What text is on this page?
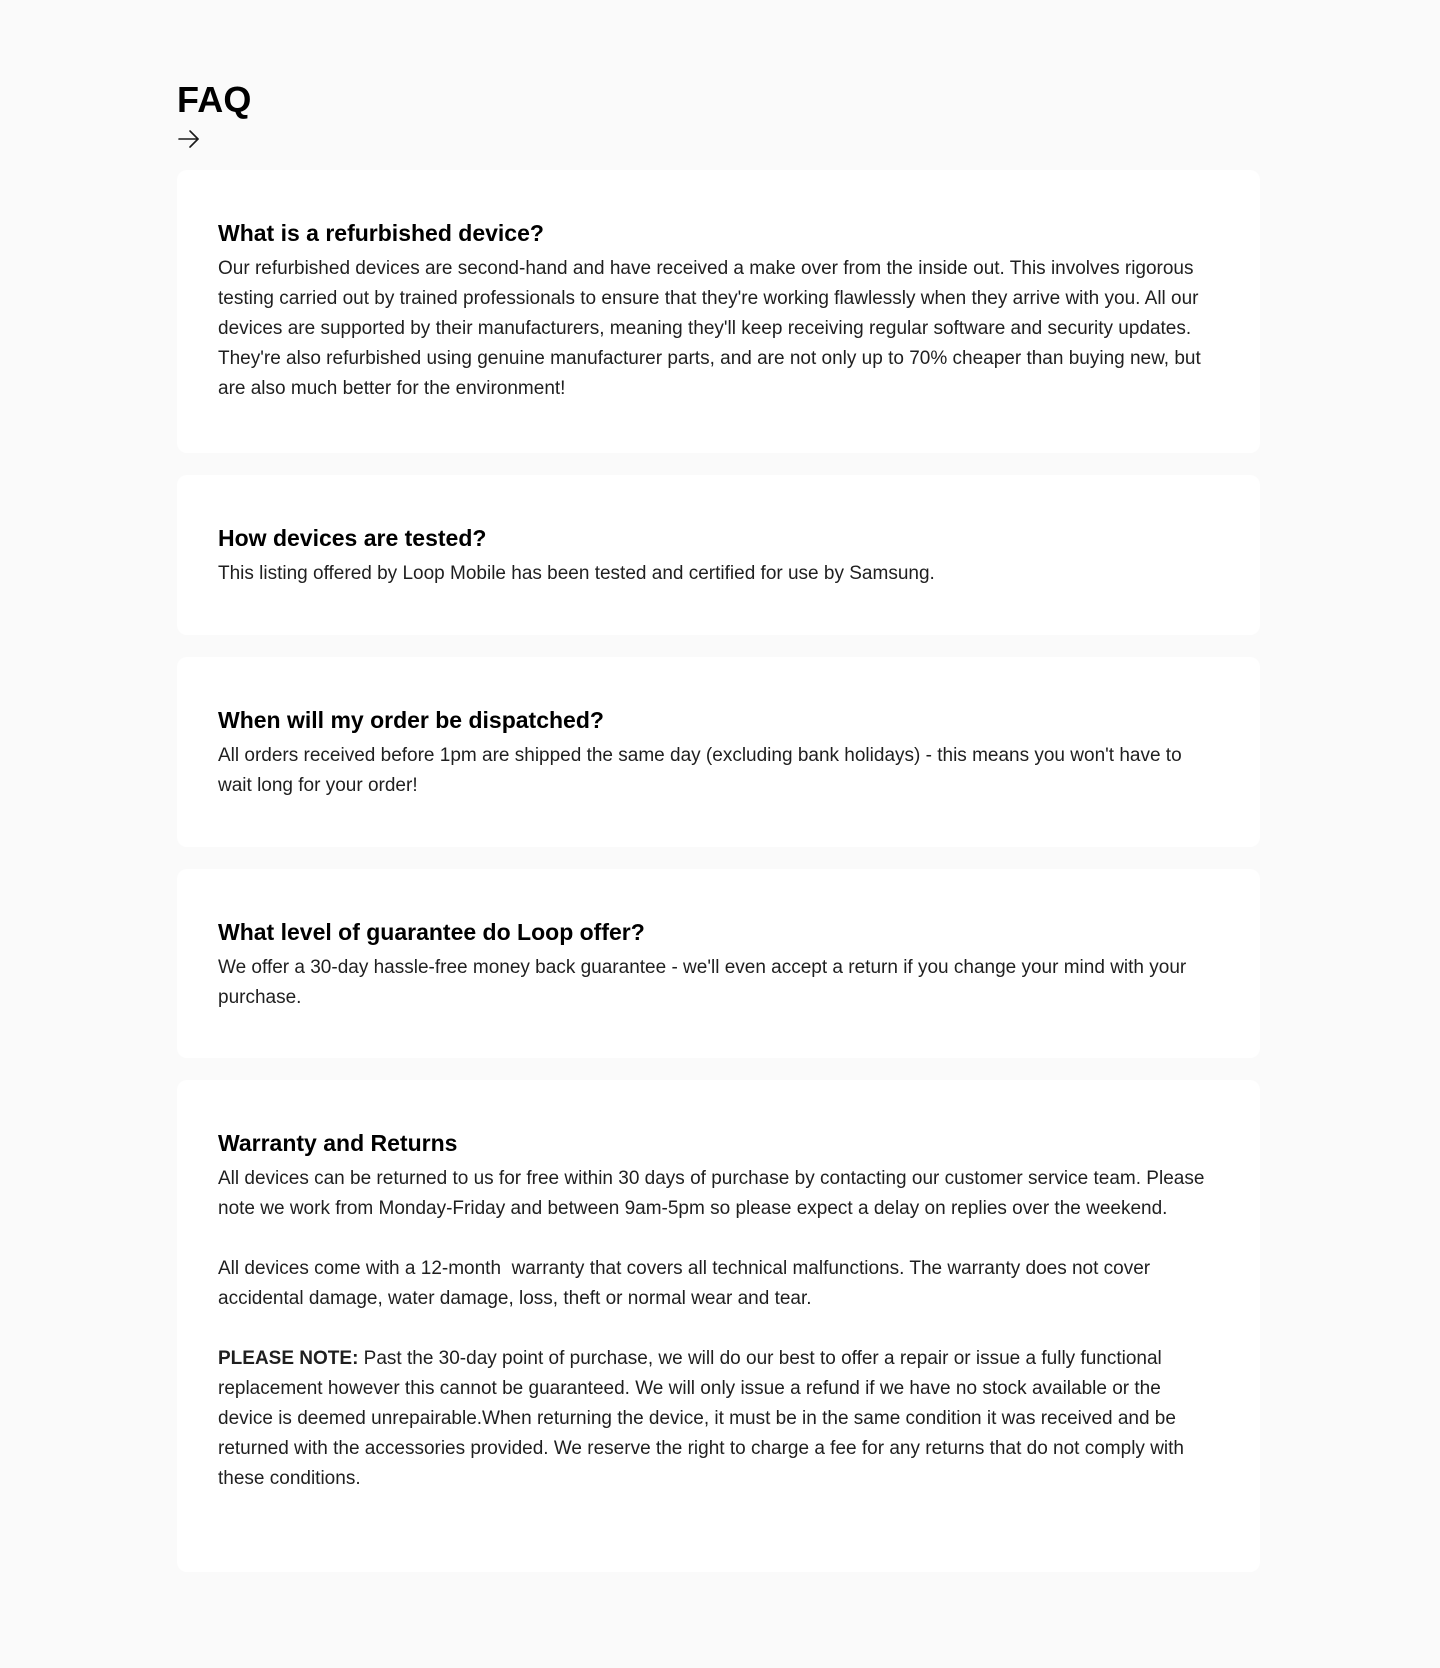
FAQ
What is a refurbished device?

Our refurbished devices are second-hand and have received a make over from the inside out. This involves rigorous testing carried out by trained professionals to ensure that they're working flawlessly when they arrive with you. All our devices are supported by their manufacturers, meaning they'll keep receiving regular software and security updates. They're also refurbished using genuine manufacturer parts, and are not only up to 70% cheaper than buying new, but are also much better for the environment!

How devices are tested?

This listing offered by Loop Mobile has been tested and certified for use by Samsung.

When will my order be dispatched?

All orders received before 1pm are shipped the same day (excluding bank holidays) - this means you won't have to wait long for your order!

What level of guarantee do Loop offer?

We offer a 30-day hassle-free money back guarantee - we'll even accept a return if you change your mind with your purchase.

Warranty and Returns

All devices can be returned to us for free within 30 days of purchase by contacting our customer service team. Please note we work from Monday-Friday and between 9am-5pm so please expect a delay on replies over the weekend.

All devices come with a 12-month  warranty that covers all technical malfunctions. The warranty does not cover accidental damage, water damage, loss, theft or normal wear and tear.

PLEASE NOTE: Past the 30-day point of purchase, we will do our best to offer a repair or issue a fully functional replacement however this cannot be guaranteed. We will only issue a refund if we have no stock available or the device is deemed unrepairable.When returning the device, it must be in the same condition it was received and be returned with the accessories provided. We reserve the right to charge a fee for any returns that do not comply with these conditions.
